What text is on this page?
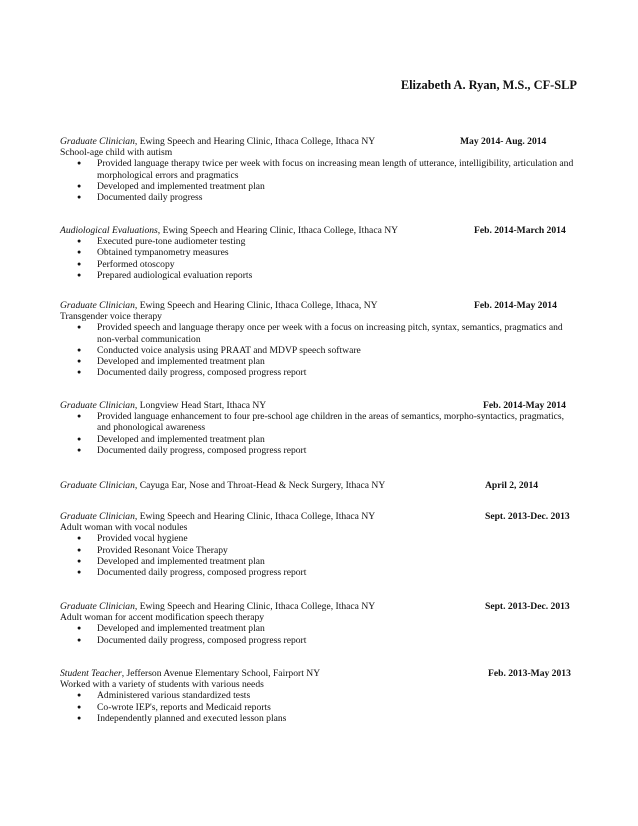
Elizabeth A. Ryan, M.S., CF-SLP
Graduate Clinician, Ewing Speech and Hearing Clinic, Ithaca College, Ithaca NY	May 2014- Aug. 2014
School-age child with autism
● Provided language therapy twice per week with focus on increasing mean length of utterance, intelligibility, articulation and morphological errors and pragmatics
● Developed and implemented treatment plan
● Documented daily progress
Audiological Evaluations, Ewing Speech and Hearing Clinic, Ithaca College, Ithaca NY	Feb. 2014-March 2014
● Executed pure-tone audiometer testing
● Obtained tympanometry measures
● Performed otoscopy
● Prepared audiological evaluation reports
Graduate Clinician, Ewing Speech and Hearing Clinic, Ithaca College, Ithaca, NY	Feb. 2014-May 2014
Transgender voice therapy
● Provided speech and language therapy once per week with a focus on increasing pitch, syntax, semantics, pragmatics and non-verbal communication
● Conducted voice analysis using PRAAT and MDVP speech software
● Developed and implemented treatment plan
● Documented daily progress, composed progress report
Graduate Clinician, Longview Head Start, Ithaca NY	Feb. 2014-May 2014
● Provided language enhancement to four pre-school age children in the areas of semantics, morpho-syntactics, pragmatics, and phonological awareness
● Developed and implemented treatment plan
● Documented daily progress, composed progress report
Graduate Clinician, Cayuga Ear, Nose and Throat-Head & Neck Surgery, Ithaca NY	April 2, 2014
Graduate Clinician, Ewing Speech and Hearing Clinic, Ithaca College, Ithaca NY	Sept. 2013-Dec. 2013
Adult woman with vocal nodules
● Provided vocal hygiene
● Provided Resonant Voice Therapy
● Developed and implemented treatment plan
● Documented daily progress, composed progress report
Graduate Clinician, Ewing Speech and Hearing Clinic, Ithaca College, Ithaca NY	Sept. 2013-Dec. 2013
Adult woman for accent modification speech therapy
● Developed and implemented treatment plan
● Documented daily progress, composed progress report
Student Teacher, Jefferson Avenue Elementary School, Fairport NY	Feb. 2013-May 2013
Worked with a variety of students with various needs
● Administered various standardized tests
● Co-wrote IEP's, reports and Medicaid reports
● Independently planned and executed lesson plans
